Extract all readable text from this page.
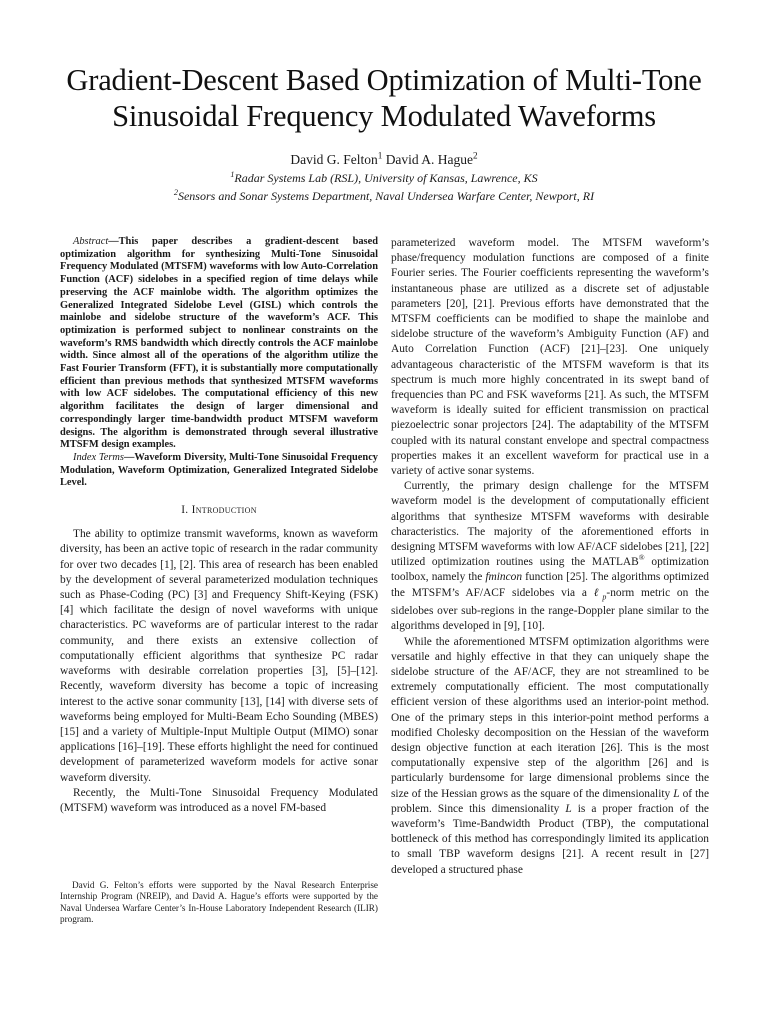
Gradient-Descent Based Optimization of Multi-Tone Sinusoidal Frequency Modulated Waveforms
David G. Felton$^1$ David A. Hague$^2$
$^1$Radar Systems Lab (RSL), University of Kansas, Lawrence, KS
$^2$Sensors and Sonar Systems Department, Naval Undersea Warfare Center, Newport, RI

Abstract—This paper describes a gradient-descent based optimization algorithm for synthesizing Multi-Tone Sinusoidal Frequency Modulated (MTSFM) waveforms with low Auto-Correlation Function (ACF) sidelobes in a specified region of time delays while preserving the ACF mainlobe width. The algorithm optimizes the Generalized Integrated Sidelobe Level (GISL) which controls the mainlobe and sidelobe structure of the waveform’s ACF. This optimization is performed subject to nonlinear constraints on the waveform’s RMS bandwidth which directly controls the ACF mainlobe width. Since almost all of the operations of the algorithm utilize the Fast Fourier Transform (FFT), it is substantially more computationally efficient than previous methods that synthesized MTSFM waveforms with low ACF sidelobes. The computational efficiency of this new algorithm facilitates the design of larger dimensional and correspondingly larger time-bandwidth product MTSFM waveform designs. The algorithm is demonstrated through several illustrative MTSFM design examples.

Index Terms—Waveform Diversity, Multi-Tone Sinusoidal Frequency Modulation, Waveform Optimization, Generalized Integrated Sidelobe Level.

I. Introduction

The ability to optimize transmit waveforms, known as waveform diversity, has been an active topic of research in the radar community for over two decades [1], [2]. This area of research has been enabled by the development of several parameterized modulation techniques such as Phase-Coding (PC) [3] and Frequency Shift-Keying (FSK) [4] which facilitate the design of novel waveforms with unique characteristics. PC waveforms are of particular interest to the radar community, and there exists an extensive collection of computationally efficient algorithms that synthesize PC radar waveforms with desirable correlation properties [3], [5]–[12]. Recently, waveform diversity has become a topic of increasing interest to the active sonar community [13], [14] with diverse sets of waveforms being employed for Multi-Beam Echo Sounding (MBES) [15] and a variety of Multiple-Input Multiple Output (MIMO) sonar applications [16]–[19]. These efforts highlight the need for continued development of parameterized waveform models for active sonar waveform diversity.

Recently, the Multi-Tone Sinusoidal Frequency Modulated (MTSFM) waveform was introduced as a novel FM-based

David G. Felton’s efforts were supported by the Naval Research Enterprise Internship Program (NREIP), and David A. Hague’s efforts were supported by the Naval Undersea Warfare Center’s In-House Laboratory Independent Research (ILIR) program.

parameterized waveform model. The MTSFM waveform’s phase/frequency modulation functions are composed of a finite Fourier series. The Fourier coefficients representing the waveform’s instantaneous phase are utilized as a discrete set of adjustable parameters [20], [21]. Previous efforts have demonstrated that the MTSFM coefficients can be modified to shape the mainlobe and sidelobe structure of the waveform’s Ambiguity Function (AF) and Auto Correlation Function (ACF) [21]–[23]. One uniquely advantageous characteristic of the MTSFM waveform is that its spectrum is much more highly concentrated in its swept band of frequencies than PC and FSK waveforms [21]. As such, the MTSFM waveform is ideally suited for efficient transmission on practical piezoelectric sonar projectors [24]. The adaptability of the MTSFM coupled with its natural constant envelope and spectral compactness properties makes it an excellent waveform for practical use in a variety of active sonar systems.

Currently, the primary design challenge for the MTSFM waveform model is the development of computationally efficient algorithms that synthesize MTSFM waveforms with desirable characteristics. The majority of the aforementioned efforts in designing MTSFM waveforms with low AF/ACF sidelobes [21], [22] utilized optimization routines using the MATLAB® optimization toolbox, namely the fmincon function [25]. The algorithms optimized the MTSFM’s AF/ACF sidelobes via a ℓ$_p$-norm metric on the sidelobes over sub-regions in the range-Doppler plane similar to the algorithms developed in [9], [10].

While the aforementioned MTSFM optimization algorithms were versatile and highly effective in that they can uniquely shape the sidelobe structure of the AF/ACF, they are not streamlined to be extremely computationally efficient. The most computationally efficient version of these algorithms used an interior-point method. One of the primary steps in this interior-point method performs a modified Cholesky decomposition on the Hessian of the waveform design objective function at each iteration [26]. This is the most computationally expensive step of the algorithm [26] and is particularly burdensome for large dimensional problems since the size of the Hessian grows as the square of the dimensionality L of the problem. Since this dimensionality L is a proper fraction of the waveform’s Time-Bandwidth Product (TBP), the computational bottleneck of this method has correspondingly limited its application to small TBP waveform designs [21]. A recent result in [27] developed a structured phase
